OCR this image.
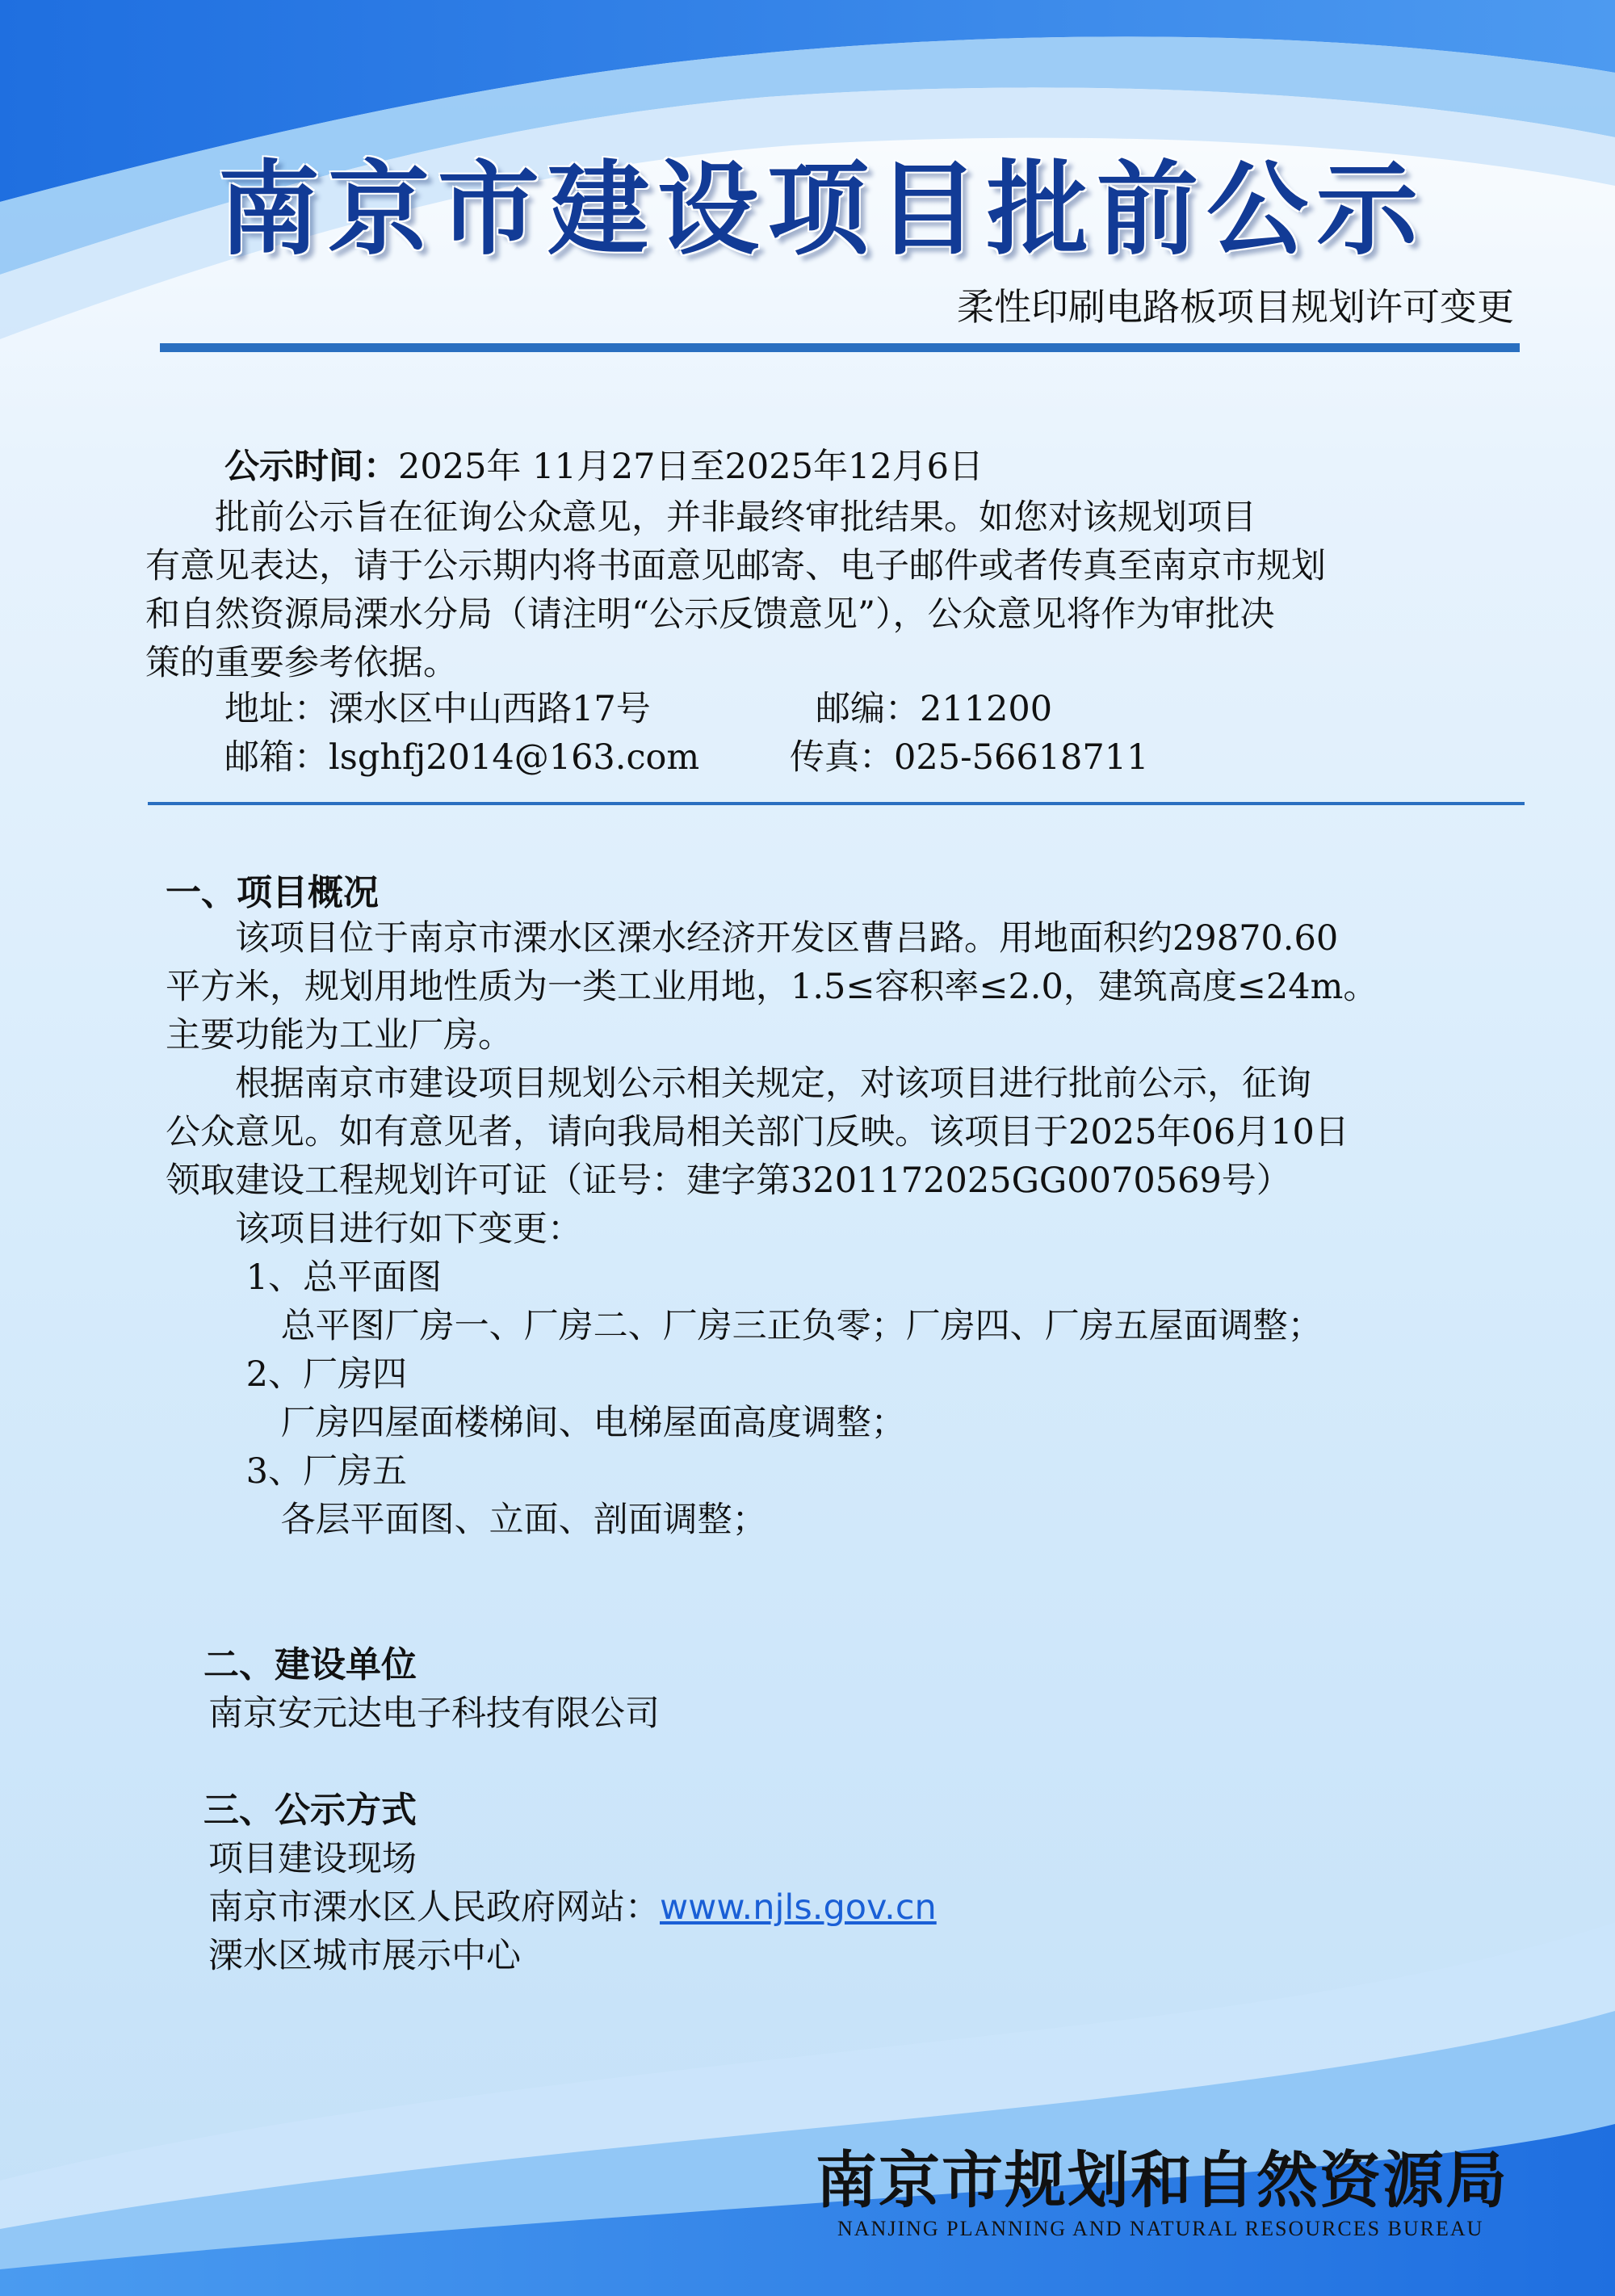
南京市建设项目批前公示
柔性印刷电路板项目规划许可变更
公示时间：2025年 11月27日至2025年12月6日
　　批前公示旨在征询公众意见，并非最终审批结果。如您对该规划项目
有意见表达，请于公示期内将书面意见邮寄、电子邮件或者传真至南京市规划
和自然资源局溧水分局（请注明“公示反馈意见”），公众意见将作为审批决
策的重要参考依据。
地址：溧水区中山西路17号	邮编：211200
邮箱：lsghfj2014@163.com	传真：025-56618711
一、项目概况
　　该项目位于南京市溧水区溧水经济开发区曹吕路。用地面积约29870.60
平方米，规划用地性质为一类工业用地，1.5≤容积率≤2.0，建筑高度≤24m。
主要功能为工业厂房。
　　根据南京市建设项目规划公示相关规定，对该项目进行批前公示，征询
公众意见。如有意见者，请向我局相关部门反映。该项目于2025年06月10日
领取建设工程规划许可证（证号：建字第3201172025GG0070569号）
　　该项目进行如下变更：
　　 1、总平面图
　　　 总平图厂房一、厂房二、厂房三正负零；厂房四、厂房五屋面调整；
　　 2、厂房四
　　　 厂房四屋面楼梯间、电梯屋面高度调整；
　　 3、厂房五
　　　 各层平面图、立面、剖面调整；
二、建设单位
南京安元达电子科技有限公司
三、公示方式
项目建设现场
南京市溧水区人民政府网站：www.njls.gov.cn
溧水区城市展示中心
南京市规划和自然资源局
NANJING PLANNING AND NATURAL RESOURCES BUREAU
